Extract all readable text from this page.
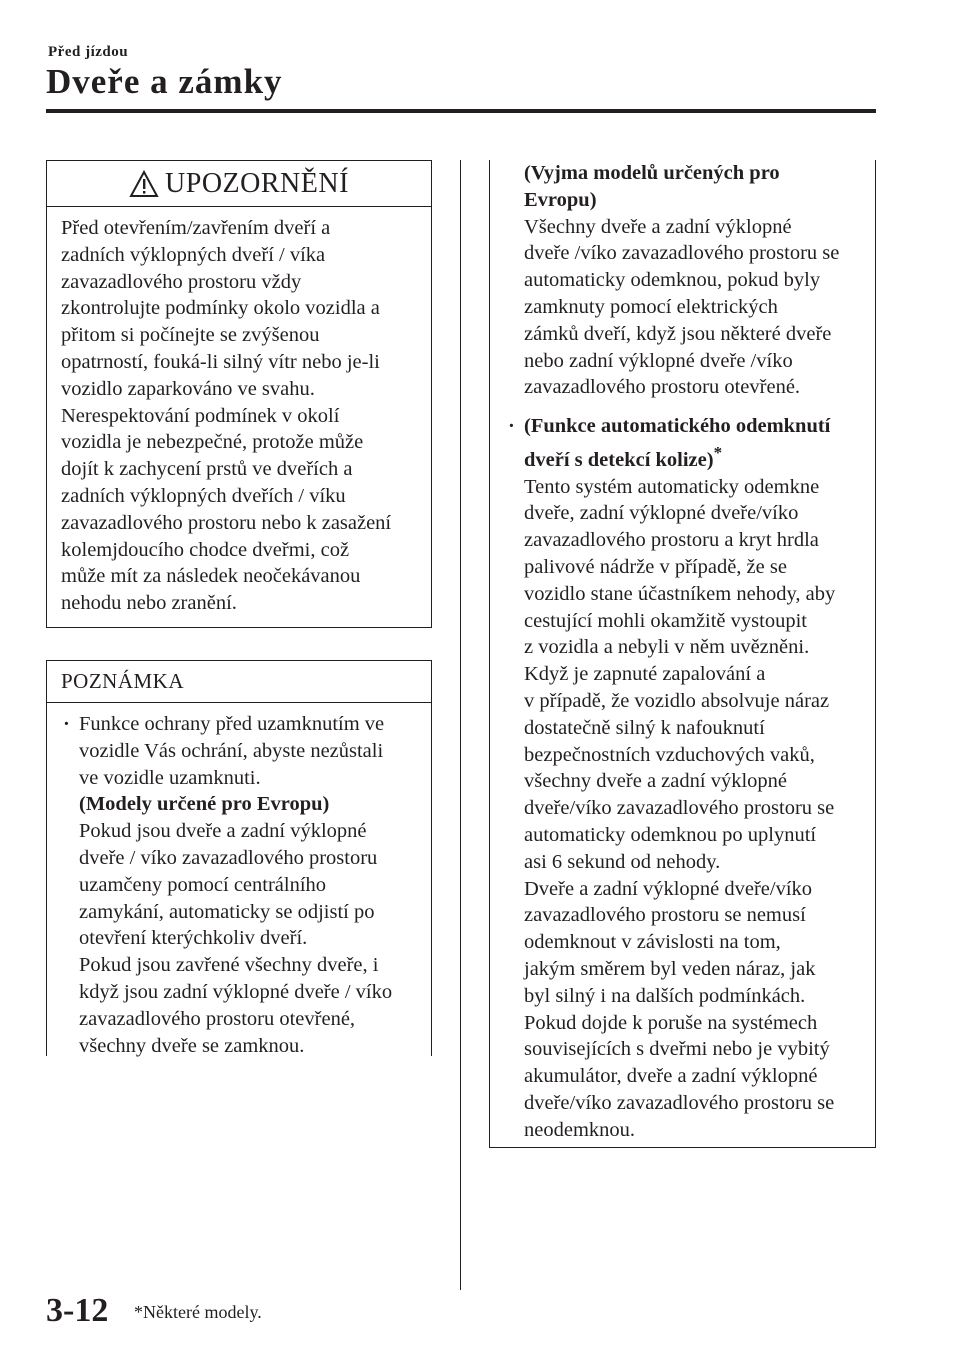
Před jízdou
Dveře a zámky
UPOZORNĚNÍ

Před otevřením/zavřením dveří a

zadních výklopných dveří / víka

zavazadlového prostoru vždy

zkontrolujte podmínky okolo vozidla a

přitom si počínejte se zvýšenou

opatrností, fouká-li silný vítr nebo je-li

vozidlo zaparkováno ve svahu.

Nerespektování podmínek v okolí

vozidla je nebezpečné, protože může

dojít k zachycení prstů ve dveřích a

zadních výklopných dveřích / víku

zavazadlového prostoru nebo k zasažení

kolemjdoucího chodce dveřmi, což

může mít za následek neočekávanou

nehodu nebo zranění.

POZNÁMKA
· Funkce ochrany před uzamknutím ve

vozidle Vás ochrání, abyste nezůstali

ve vozidle uzamknuti.

(Modely určené pro Evropu)

Pokud jsou dveře a zadní výklopné

dveře / víko zavazadlového prostoru

uzamčeny pomocí centrálního

zamykání, automaticky se odjistí po

otevření kterýchkoliv dveří.

Pokud jsou zavřené všechny dveře, i

když jsou zadní výklopné dveře / víko

zavazadlového prostoru otevřené,

všechny dveře se zamknou.

(Vyjma modelů určených pro

Evropu)

Všechny dveře a zadní výklopné

dveře /víko zavazadlového prostoru se

automaticky odemknou, pokud byly

zamknuty pomocí elektrických

zámků dveří, když jsou některé dveře

nebo zadní výklopné dveře /víko

zavazadlového prostoru otevřené.

· (Funkce automatického odemknutí

dveří s detekcí kolize)*

Tento systém automaticky odemkne

dveře, zadní výklopné dveře/víko

zavazadlového prostoru a kryt hrdla

palivové nádrže v případě, že se

vozidlo stane účastníkem nehody, aby

cestující mohli okamžitě vystoupit

z vozidla a nebyli v něm uvězněni.

Když je zapnuté zapalování a

v případě, že vozidlo absolvuje náraz

dostatečně silný k nafouknutí

bezpečnostních vzduchových vaků,

všechny dveře a zadní výklopné

dveře/víko zavazadlového prostoru se

automaticky odemknou po uplynutí

asi 6 sekund od nehody.

Dveře a zadní výklopné dveře/víko

zavazadlového prostoru se nemusí

odemknout v závislosti na tom,

jakým směrem byl veden náraz, jak

byl silný i na dalších podmínkách.

Pokud dojde k poruše na systémech

souvisejících s dveřmi nebo je vybitý

akumulátor, dveře a zadní výklopné

dveře/víko zavazadlového prostoru se

neodemknou.

3-12 *Některé modely.
